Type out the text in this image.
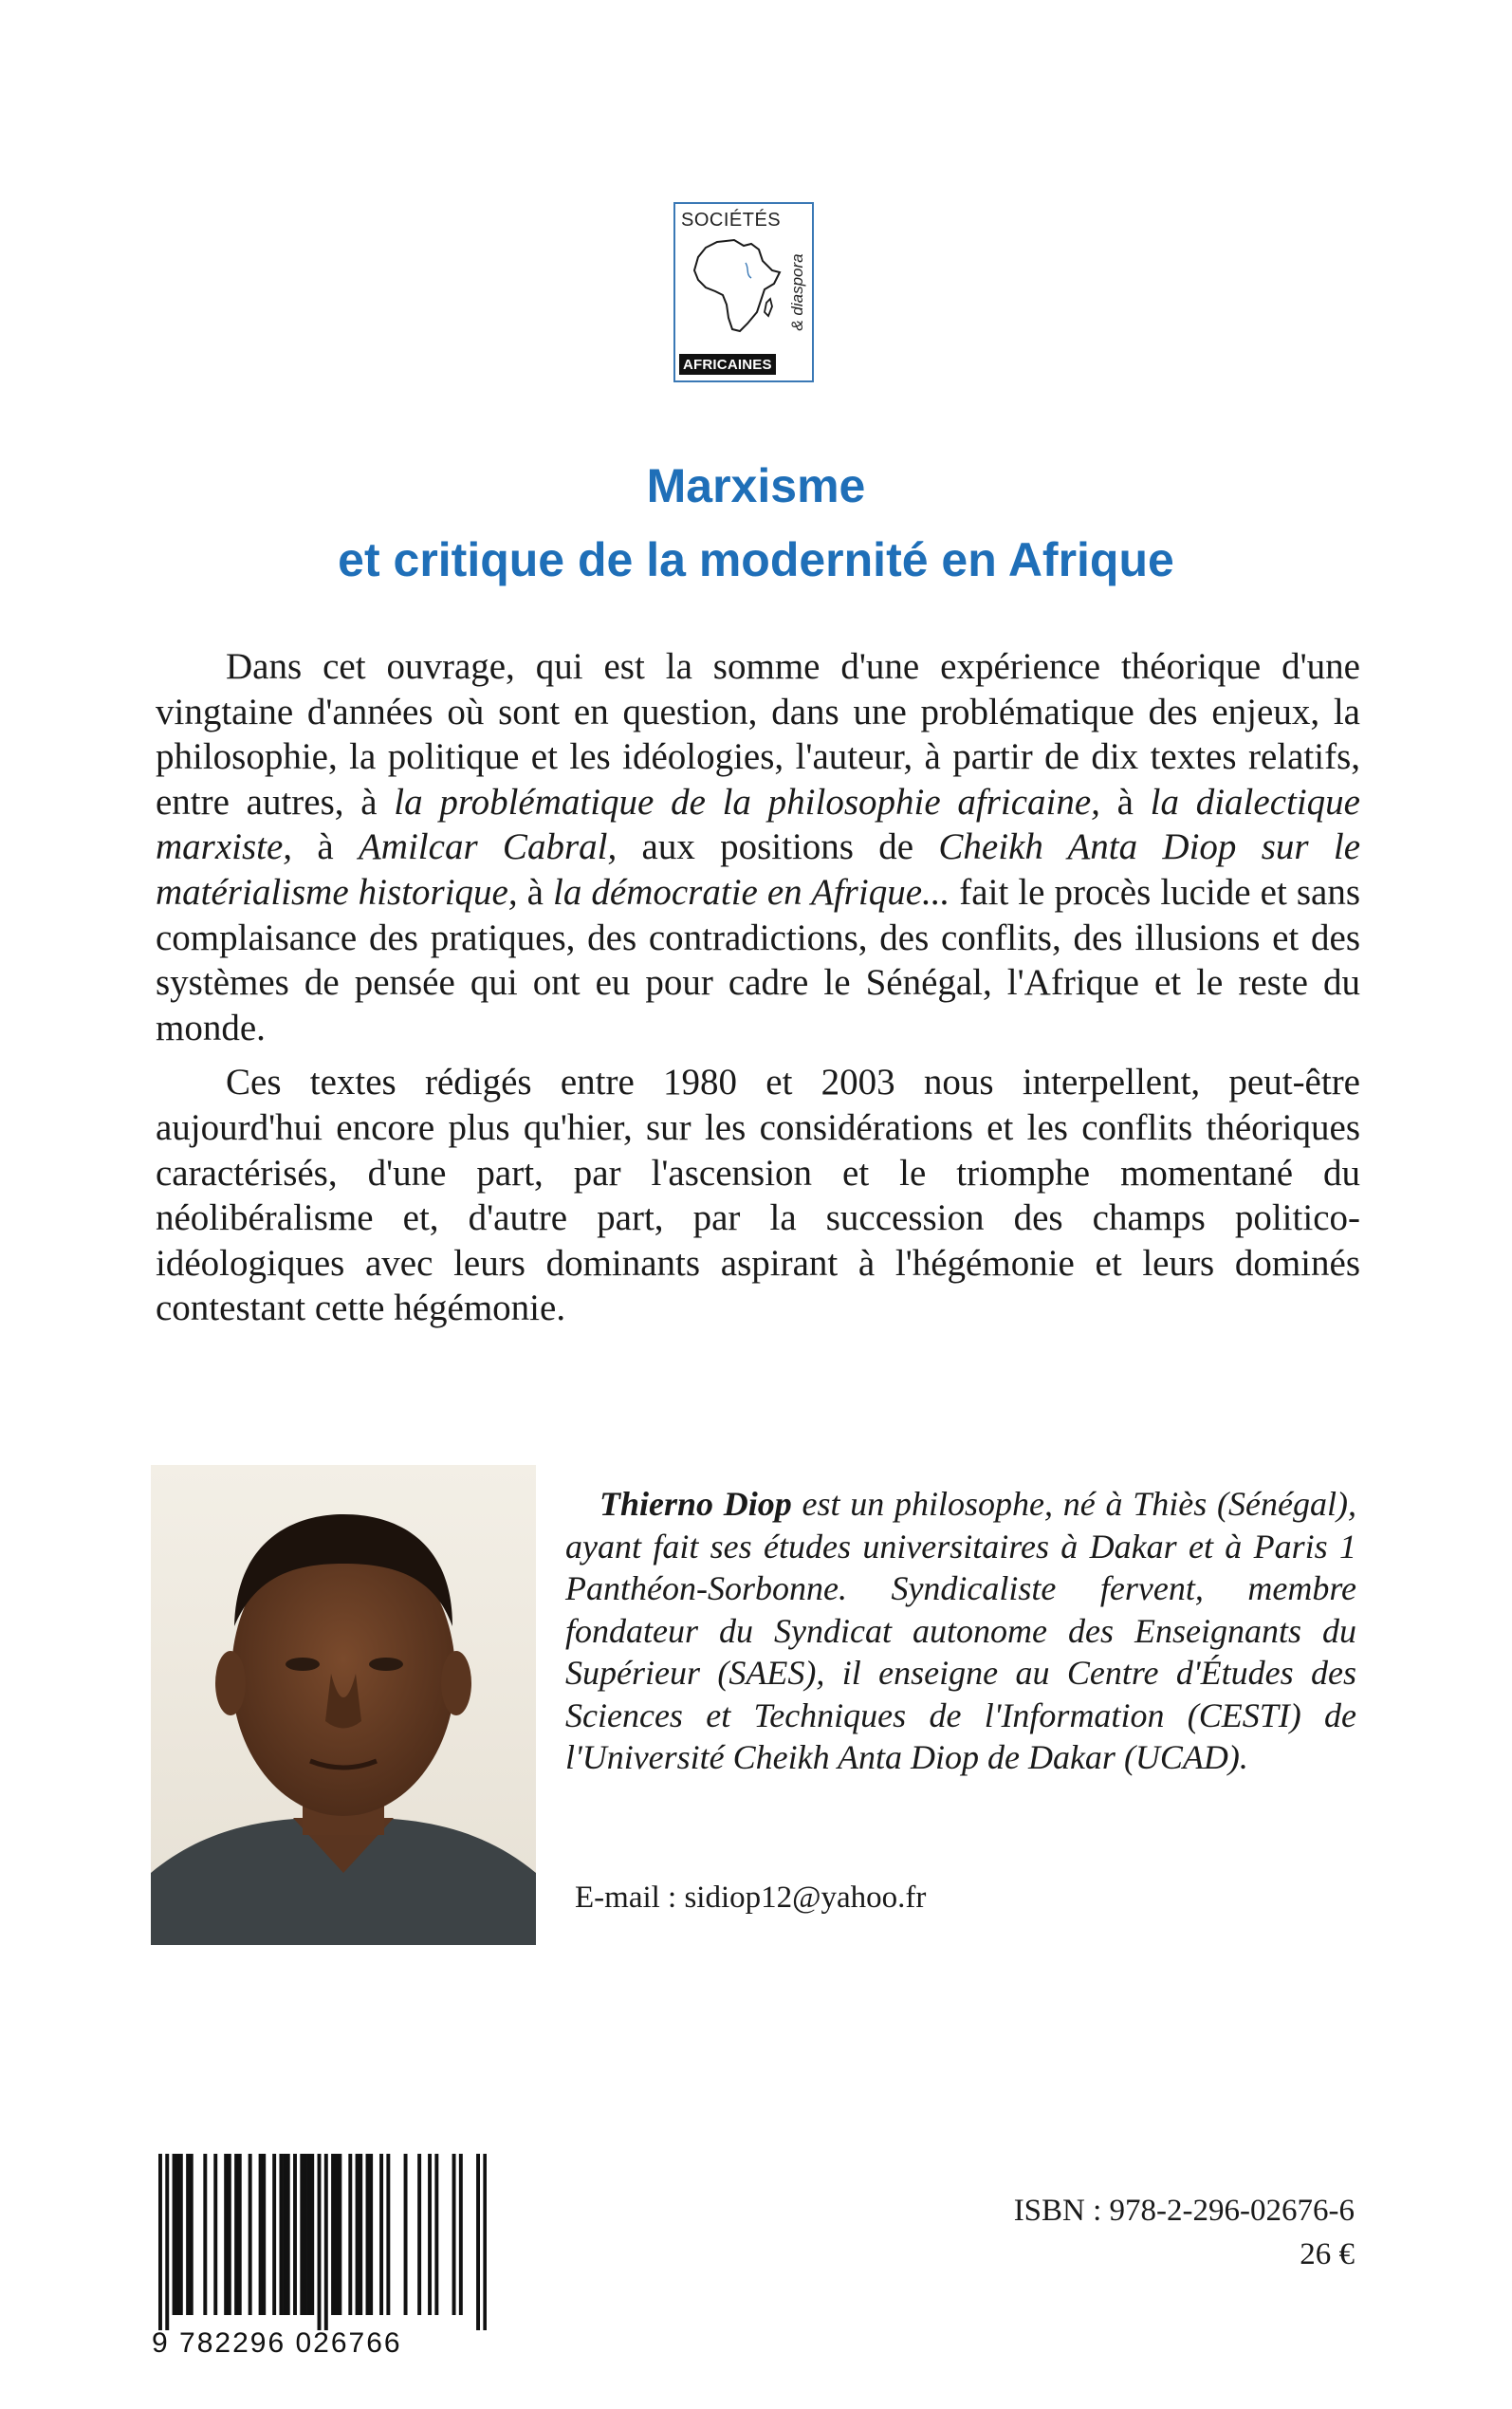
SOCIÉTÉS
& diaspora
AFRICAINES
Marxisme
et critique de la modernité en Afrique

Dans cet ouvrage, qui est la somme d'une expérience théorique d'une vingtaine d'années où sont en question, dans une problématique des enjeux, la philosophie, la politique et les idéologies, l'auteur, à partir de dix textes relatifs, entre autres, à la problématique de la philosophie africaine, à la dialectique marxiste, à Amilcar Cabral, aux positions de Cheikh Anta Diop sur le matérialisme historique, à la démocratie en Afrique... fait le procès lucide et sans complaisance des pratiques, des contradictions, des conflits, des illusions et des systèmes de pensée qui ont eu pour cadre le Sénégal, l'Afrique et le reste du monde.

Ces textes rédigés entre 1980 et 2003 nous interpellent, peut-être aujourd'hui encore plus qu'hier, sur les considérations et les conflits théoriques caractérisés, d'une part, par l'ascension et le triomphe momentané du néolibéralisme et, d'autre part, par la succession des champs politico-idéologiques avec leurs dominants aspirant à l'hégémonie et leurs dominés contestant cette hégémonie.

Thierno Diop est un philosophe, né à Thiès (Sénégal), ayant fait ses études universitaires à Dakar et à Paris 1 Panthéon-Sorbonne. Syndicaliste fervent, membre fondateur du Syndicat autonome des Enseignants du Supérieur (SAES), il enseigne au Centre d'Études des Sciences et Techniques de l'Information (CESTI) de l'Université Cheikh Anta Diop de Dakar (UCAD).

E-mail : sidiop12@yahoo.fr
9 782296 026766
ISBN : 978-2-296-02676-6
26 €
